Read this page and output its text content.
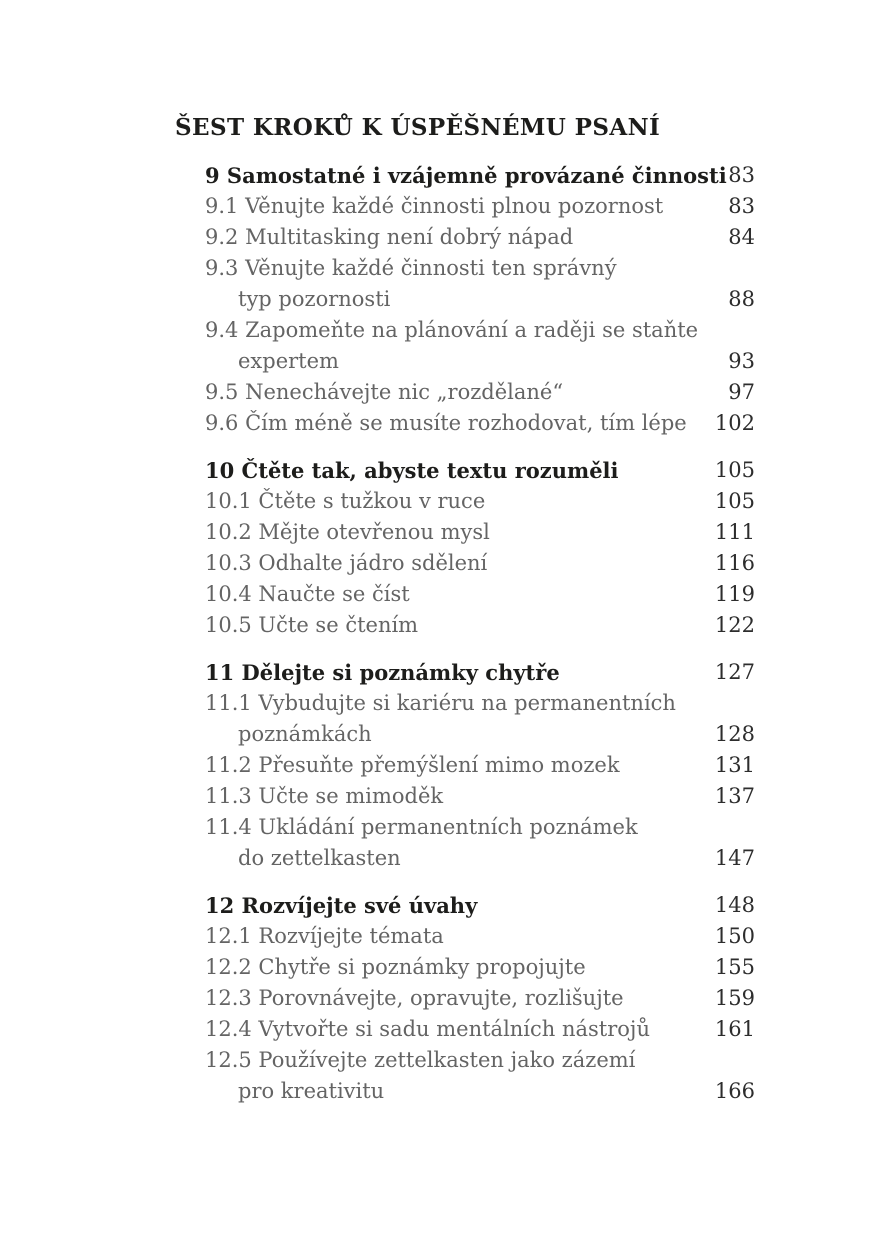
ŠEST KROKŮ K ÚSPĚŠNÉMU PSANÍ
9 Samostatné i vzájemně provázané činnosti 83
9.1 Věnujte každé činnosti plnou pozornost	83
9.2 Multitasking není dobrý nápad	84
9.3 Věnujte každé činnosti ten správný
typ pozornosti	88
9.4 Zapomeňte na plánování a raději se staňte
expertem	93
9.5 Nenechávejte nic „rozdělané“	97
9.6 Čím méně se musíte rozhodovat, tím lépe	102
10 Čtěte tak, abyste textu rozuměli	105
10.1 Čtěte s tužkou v ruce	105
10.2 Mějte otevřenou mysl	111
10.3 Odhalte jádro sdělení	116
10.4 Naučte se číst	119
10.5 Učte se čtením	122
11 Dělejte si poznámky chytře	127
11.1 Vybudujte si kariéru na permanentních
poznámkách	128
11.2 Přesuňte přemýšlení mimo mozek	131
11.3 Učte se mimoděk	137
11.4 Ukládání permanentních poznámek
do zettelkasten	147
12 Rozvíjejte své úvahy	148
12.1 Rozvíjejte témata	150
12.2 Chytře si poznámky propojujte	155
12.3 Porovnávejte, opravujte, rozlišujte	159
12.4 Vytvořte si sadu mentálních nástrojů	161
12.5 Používejte zettelkasten jako zázemí
pro kreativitu	166
